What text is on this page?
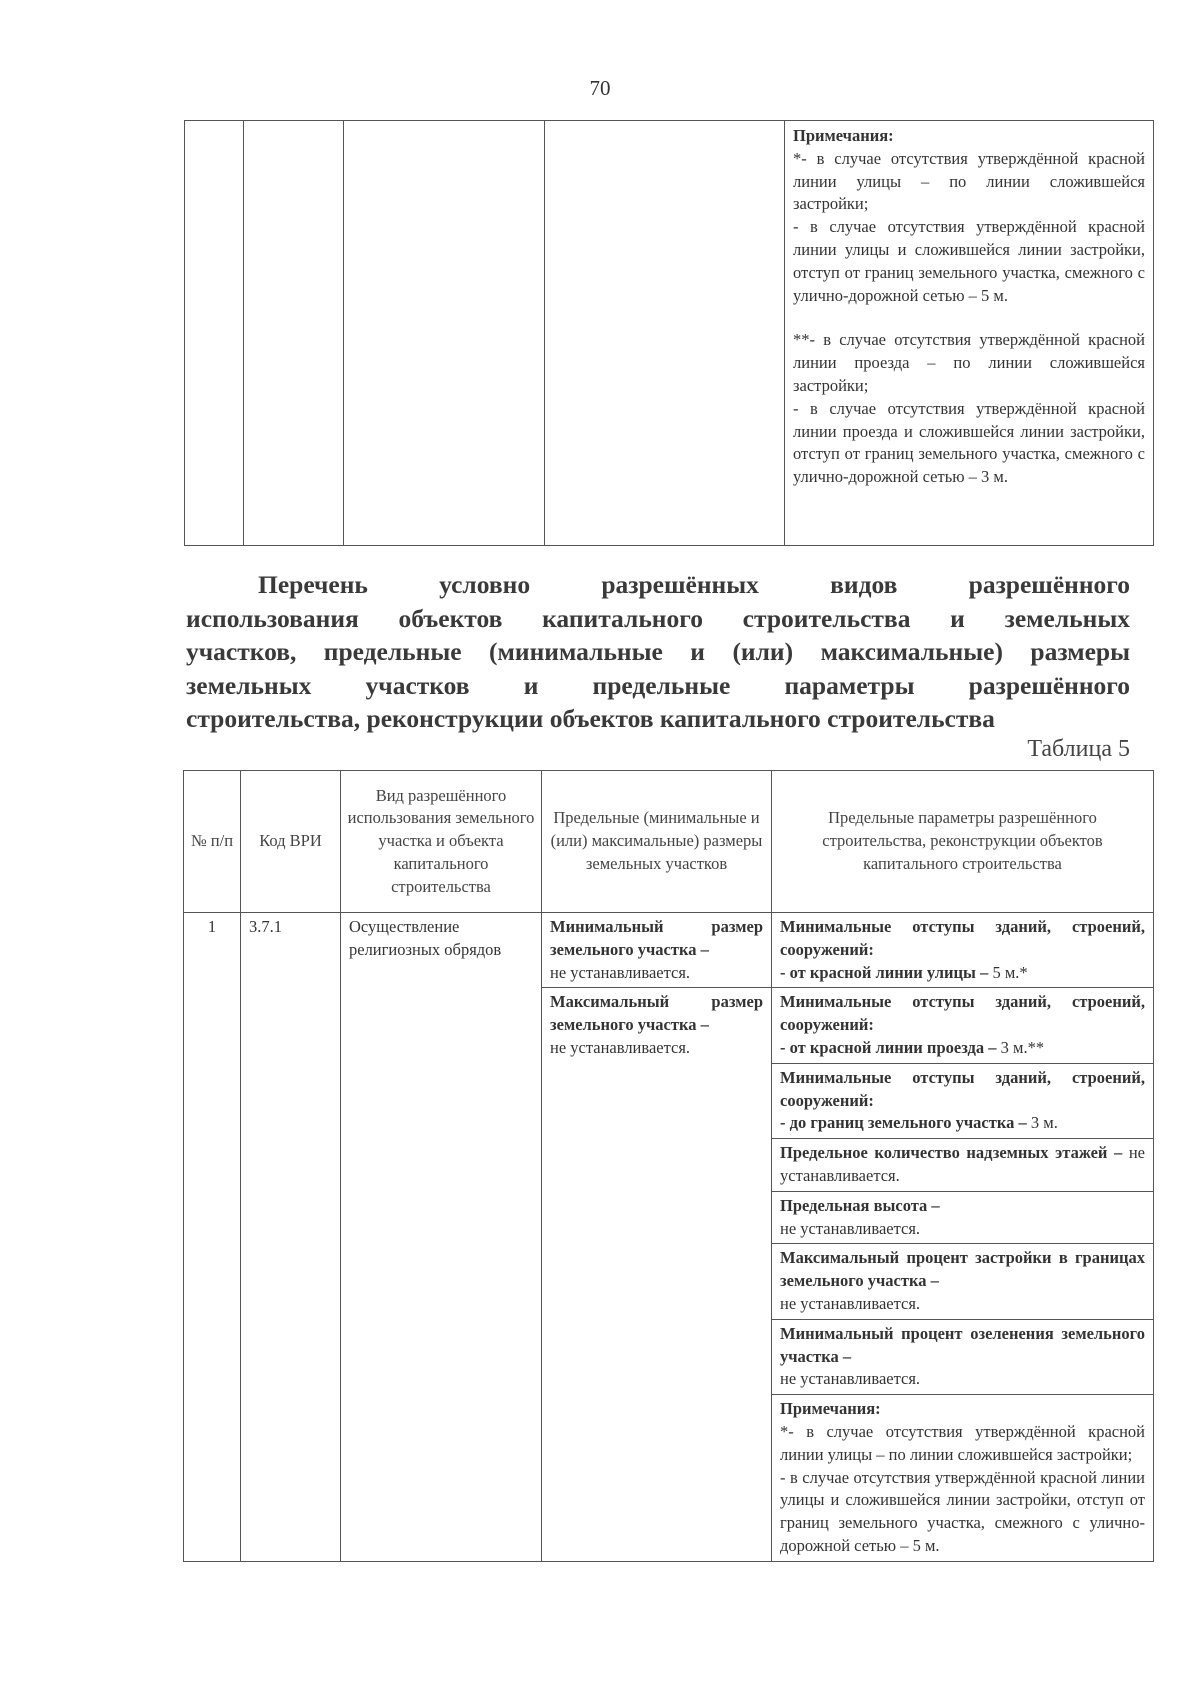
70

Примечания:

*- в случае отсутствия утверждённой красной линии улицы – по линии сложившейся застройки;

- в случае отсутствия утверждённой красной линии улицы и сложившейся линии застройки, отступ от границ земельного участка, смежного с улично-дорожной сетью – 5 м.

**- в случае отсутствия утверждённой красной линии проезда – по линии сложившейся застройки;

- в случае отсутствия утверждённой красной линии проезда и сложившейся линии застройки, отступ от границ земельного участка, смежного с улично-дорожной сетью – 3 м.

Перечень условно разрешённых видов разрешённого
использования объектов капитального строительства и земельных
участков, предельные (минимальные и (или) максимальные) размеры
земельных участков и предельные параметры разрешённого
строительства, реконструкции объектов капитального строительства
Таблица 5
№ п/п	Код ВРИ	Вид разрешённого использования земельного участка и объекта капитального строительства	Предельные (минимальные и (или) максимальные) размеры земельных участков	Предельные параметры разрешённого строительства, реконструкции объектов капитального строительства
1	3.7.1	Осуществление религиозных обрядов	Минимальный размер земельного участка –
не устанавливается.	Минимальные отступы зданий, строений, сооружений:
- от красной линии улицы – 5 м.*
			Максимальный размер земельного участка –
не устанавливается.	Минимальные отступы зданий, строений, сооружений:
- от красной линии проезда – 3 м.**
				Минимальные отступы зданий, строений, сооружений:
- до границ земельного участка – 3 м.
				Предельное количество надземных этажей – не устанавливается.
				Предельная высота –
не устанавливается.
				Максимальный процент застройки в границах земельного участка –
не устанавливается.
				Минимальный процент озеленения земельного участка –
не устанавливается.
				Примечания:
*- в случае отсутствия утверждённой красной линии улицы – по линии сложившейся застройки;
- в случае отсутствия утверждённой красной линии улицы и сложившейся линии застройки, отступ от границ земельного участка, смежного с улично-дорожной сетью – 5 м.
